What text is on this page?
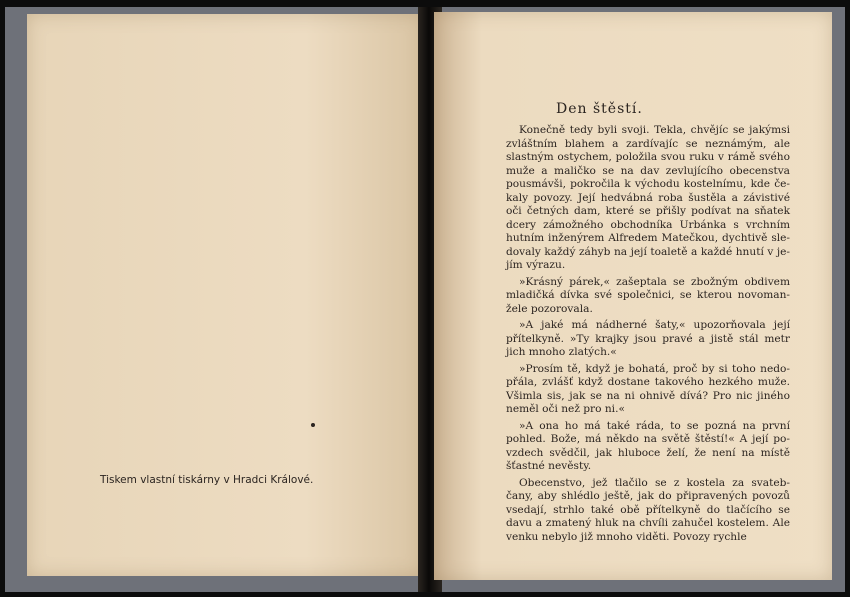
Tiskem vlastní tiskárny v Hradci Králové.
Den štěstí.
Konečně tedy byli svoji. Tekla, chvějíc se jakýmsi
zvláštním blahem a zardívajíc se neznámým, ale
slastným ostychem, položila svou ruku v rámě svého
muže a maličko se na dav zevlujícího obecenstva
pousmávši, pokročila k východu kostelnímu, kde če-
kaly povozy. Její hedvábná roba šustěla a závistivé
oči četných dam, které se přišly podívat na sňatek
dcery zámožného obchodníka Urbánka s vrchním
hutním inženýrem Alfredem Matečkou, dychtivě sle-
dovaly každý záhyb na její toaletě a každé hnutí v je-
jím výrazu.
»Krásný párek,« zašeptala se zbožným obdivem
mladičká dívka své společnici, se kterou novoman-
žele pozorovala.
»A jaké má nádherné šaty,« upozorňovala její
přítelkyně. »Ty krajky jsou pravé a jistě stál metr
jich mnoho zlatých.«
»Prosím tě, když je bohatá, proč by si toho nedo-
přála, zvlášť když dostane takového hezkého muže.
Všimla sis, jak se na ni ohnivě dívá? Pro nic jiného
neměl oči než pro ni.«
»A ona ho má také ráda, to se pozná na první
pohled. Bože, má někdo na světě štěstí!« A její po-
vzdech svědčil, jak hluboce želí, že není na místě
šťastné nevěsty.
Obecenstvo, jež tlačilo se z kostela za svateb-
čany, aby shlédlo ještě, jak do připravených povozů
vsedají, strhlo také obě přítelkyně do tlačícího se
davu a zmatený hluk na chvíli zahučel kostelem. Ale
venku nebylo již mnoho viděti. Povozy rychle
